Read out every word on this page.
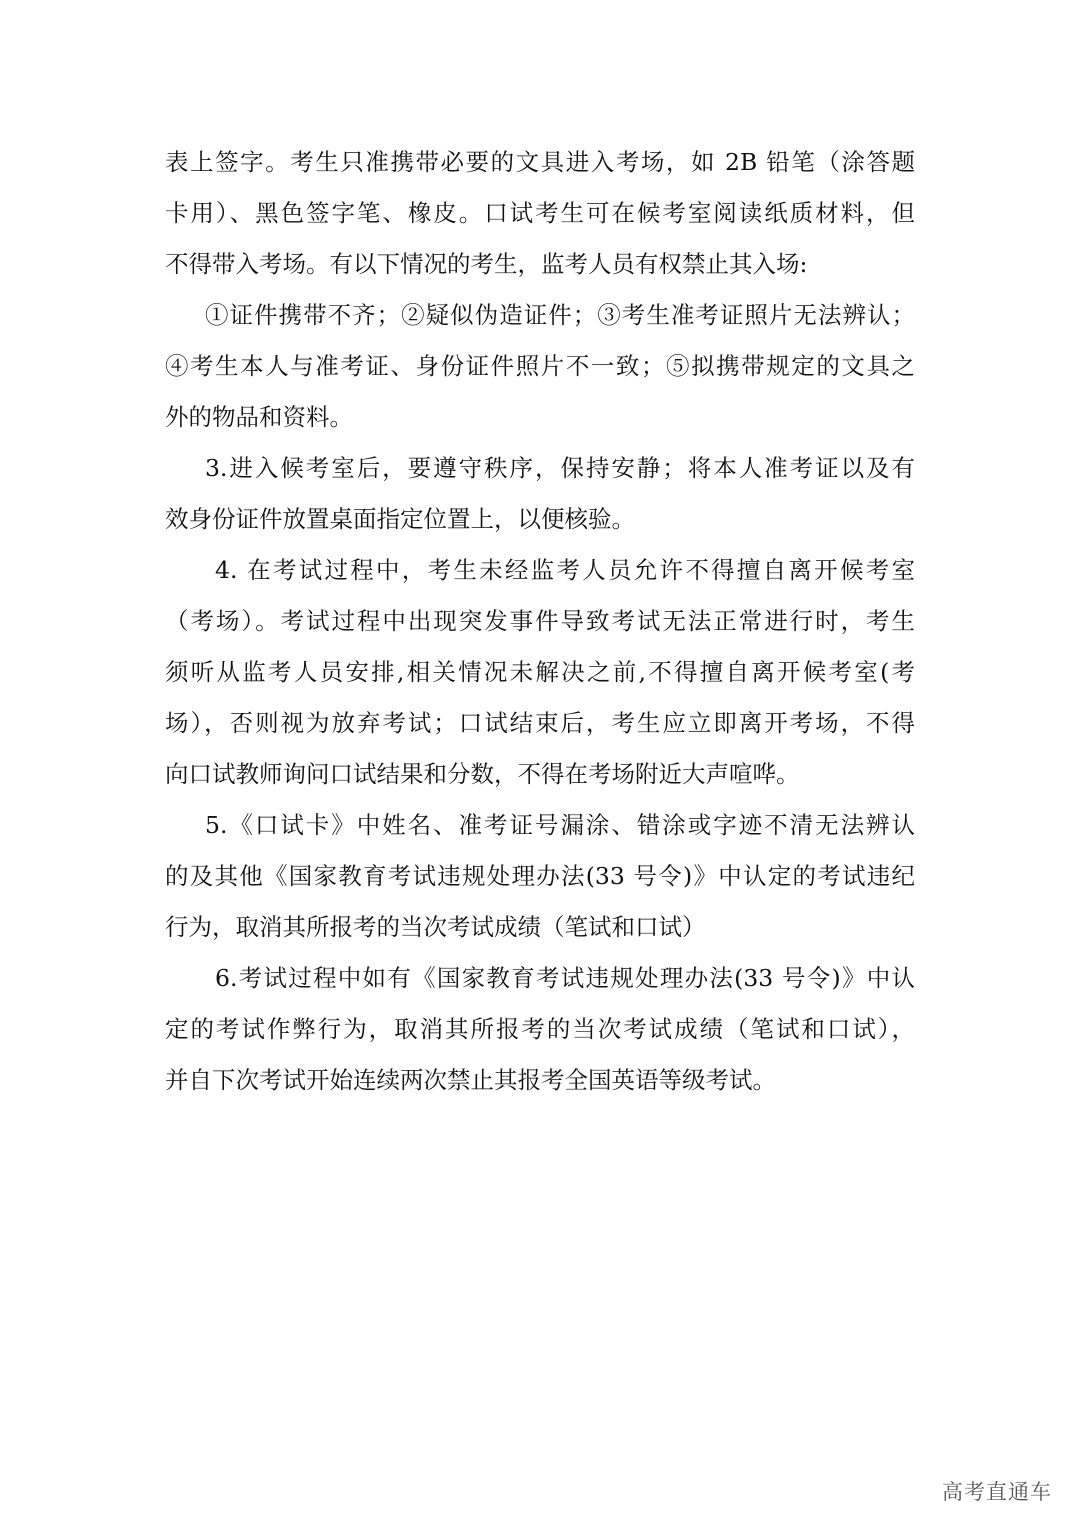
表上签字。考生只准携带必要的文具进入考场，如 2B 铅笔（涂答题
卡用）、黑色签字笔、橡皮。口试考生可在候考室阅读纸质材料，但
不得带入考场。有以下情况的考生，监考人员有权禁止其入场:
①证件携带不齐；②疑似伪造证件；③考生准考证照片无法辨认；
④考生本人与准考证、身份证件照片不一致；⑤拟携带规定的文具之
外的物品和资料。
3.进入候考室后，要遵守秩序，保持安静；将本人准考证以及有
效身份证件放置桌面指定位置上，以便核验。
4. 在考试过程中，考生未经监考人员允许不得擅自离开候考室
（考场）。考试过程中出现突发事件导致考试无法正常进行时，考生
须听从监考人员安排,相关情况未解决之前,不得擅自离开候考室(考
场），否则视为放弃考试；口试结束后，考生应立即离开考场，不得
向口试教师询问口试结果和分数，不得在考场附近大声喧哗。
5.《口试卡》中姓名、准考证号漏涂、错涂或字迹不清无法辨认
的及其他《国家教育考试违规处理办法(33 号令)》中认定的考试违纪
行为，取消其所报考的当次考试成绩（笔试和口试）
6.考试过程中如有《国家教育考试违规处理办法(33 号令)》中认
定的考试作弊行为，取消其所报考的当次考试成绩（笔试和口试），
并自下次考试开始连续两次禁止其报考全国英语等级考试。
高考直通车
